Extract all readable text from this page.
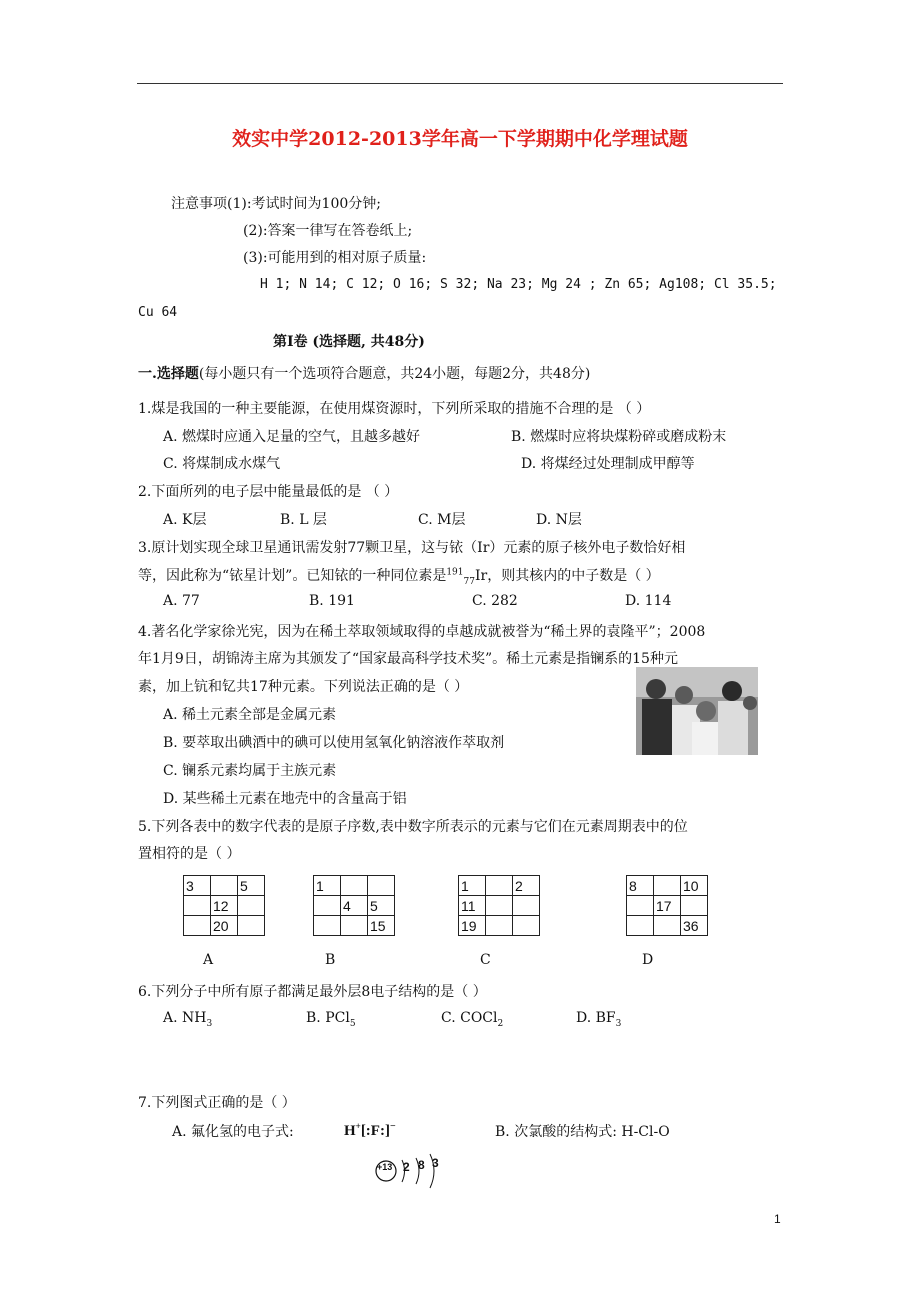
效实中学2012-2013学年高一下学期期中化学理试题
注意事项(1):考试时间为100分钟;
(2):答案一律写在答卷纸上;
(3):可能用到的相对原子质量:
H 1; N 14; C 12; O 16; S 32; Na 23; Mg 24 ; Zn 65; Ag108; Cl 35.5;
Cu 64
第Ⅰ卷 (选择题, 共48分)
一.选择题(每小题只有一个选项符合题意，共24小题，每题2分，共48分)
1.煤是我国的一种主要能源，在使用煤资源时，下列所采取的措施不合理的是 （ ）
A. 燃煤时应通入足量的空气，且越多越好	B. 燃煤时应将块煤粉碎或磨成粉末
C. 将煤制成水煤气	D. 将煤经过处理制成甲醇等
2.下面所列的电子层中能量最低的是 （ ）
A. K层	B. L 层	C. M层	D. N层
3.原计划实现全球卫星通讯需发射77颗卫星，这与铱（Ir）元素的原子核外电子数恰好相
等，因此称为“铱星计划”。已知铱的一种同位素是$^{191}_{77}$Ir，则其核内的中子数是（ ）
A. 77	B. 191	C. 282	D. 114
4.著名化学家徐光宪，因为在稀土萃取领域取得的卓越成就被誉为“稀土界的袁隆平”；2008
年1月9日，胡锦涛主席为其颁发了“国家最高科学技术奖”。稀土元素是指镧系的15种元
素，加上钪和钇共17种元素。下列说法正确的是（ ）
A. 稀土元素全部是金属元素
B. 要萃取出碘酒中的碘可以使用氢氧化钠溶液作萃取剂
C. 镧系元素均属于主族元素
D. 某些稀土元素在地壳中的含量高于铝
5.下列各表中的数字代表的是原子序数,表中数字所表示的元素与它们在元素周期表中的位
置相符的是（ ）
3		5
	12	
	20	
1		
	4	5
		15
1		2
11		
19		
8		10
	17	
		36
A	B	C	D
6.下列分子中所有原子都满足最外层8电子结构的是（ ）
A. $NH_3$	B. PCl$_5$	C. COCl$_2$	D. $BF_3$
7.下列图式正确的是（ ）
A. 氟化氢的电子式:	H+[:F:]−	B. 次氯酸的结构式: H-Cl-O
+13 2 8 3
1
